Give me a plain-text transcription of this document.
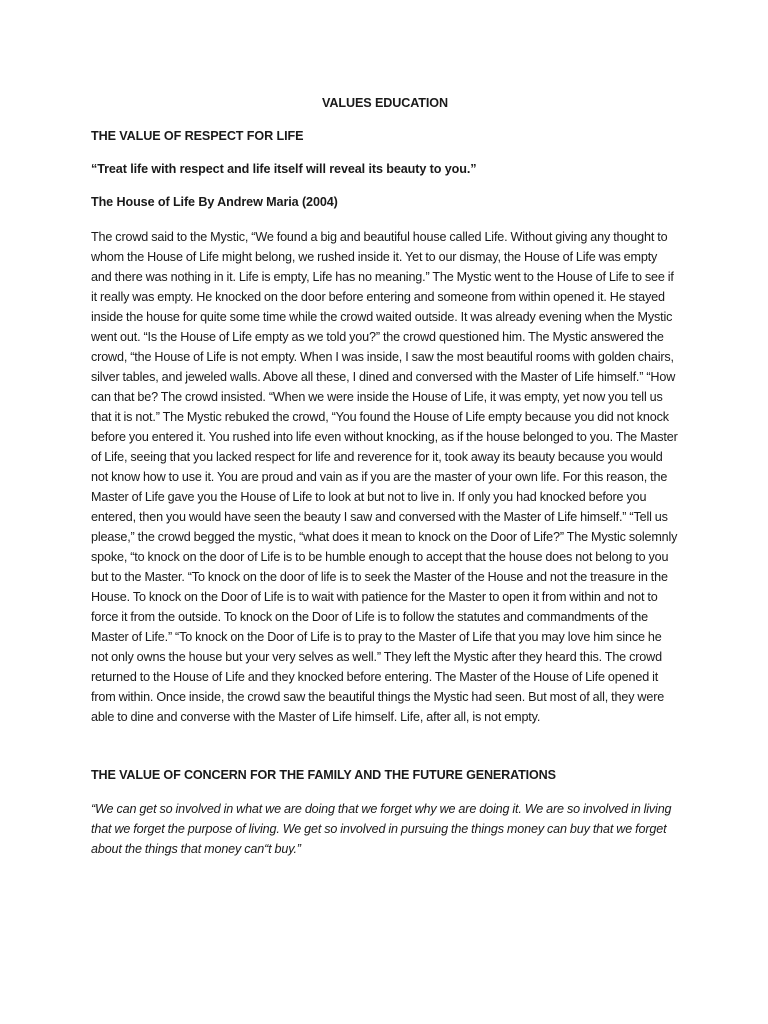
VALUES EDUCATION

THE VALUE OF RESPECT FOR LIFE

“Treat life with respect and life itself will reveal its beauty to you.”

The House of Life By Andrew Maria (2004)

The crowd said to the Mystic, “We found a big and beautiful house called Life. Without giving any thought to whom the House of Life might belong, we rushed inside it. Yet to our dismay, the House of Life was empty and there was nothing in it. Life is empty, Life has no meaning.” The Mystic went to the House of Life to see if it really was empty. He knocked on the door before entering and someone from within opened it. He stayed inside the house for quite some time while the crowd waited outside. It was already evening when the Mystic went out. “Is the House of Life empty as we told you?” the crowd questioned him. The Mystic answered the crowd, “the House of Life is not empty. When I was inside, I saw the most beautiful rooms with golden chairs, silver tables, and jeweled walls. Above all these, I dined and conversed with the Master of Life himself.” “How can that be? The crowd insisted. “When we were inside the House of Life, it was empty, yet now you tell us that it is not.” The Mystic rebuked the crowd, “You found the House of Life empty because you did not knock before you entered it. You rushed into life even without knocking, as if the house belonged to you. The Master of Life, seeing that you lacked respect for life and reverence for it, took away its beauty because you would not know how to use it. You are proud and vain as if you are the master of your own life. For this reason, the Master of Life gave you the House of Life to look at but not to live in. If only you had knocked before you entered, then you would have seen the beauty I saw and conversed with the Master of Life himself.” “Tell us please,” the crowd begged the mystic, “what does it mean to knock on the Door of Life?” The Mystic solemnly spoke, “to knock on the door of Life is to be humble enough to accept that the house does not belong to you but to the Master. “To knock on the door of life is to seek the Master of the House and not the treasure in the House. To knock on the Door of Life is to wait with patience for the Master to open it from within and not to force it from the outside. To knock on the Door of Life is to follow the statutes and commandments of the Master of Life.” “To knock on the Door of Life is to pray to the Master of Life that you may love him since he not only owns the house but your very selves as well.” They left the Mystic after they heard this. The crowd returned to the House of Life and they knocked before entering. The Master of the House of Life opened it from within. Once inside, the crowd saw the beautiful things the Mystic had seen. But most of all, they were able to dine and converse with the Master of Life himself. Life, after all, is not empty.

THE VALUE OF CONCERN FOR THE FAMILY AND THE FUTURE GENERATIONS

“We can get so involved in what we are doing that we forget why we are doing it. We are so involved in living that we forget the purpose of living. We get so involved in pursuing the things money can buy that we forget about the things that money can“t buy.”
